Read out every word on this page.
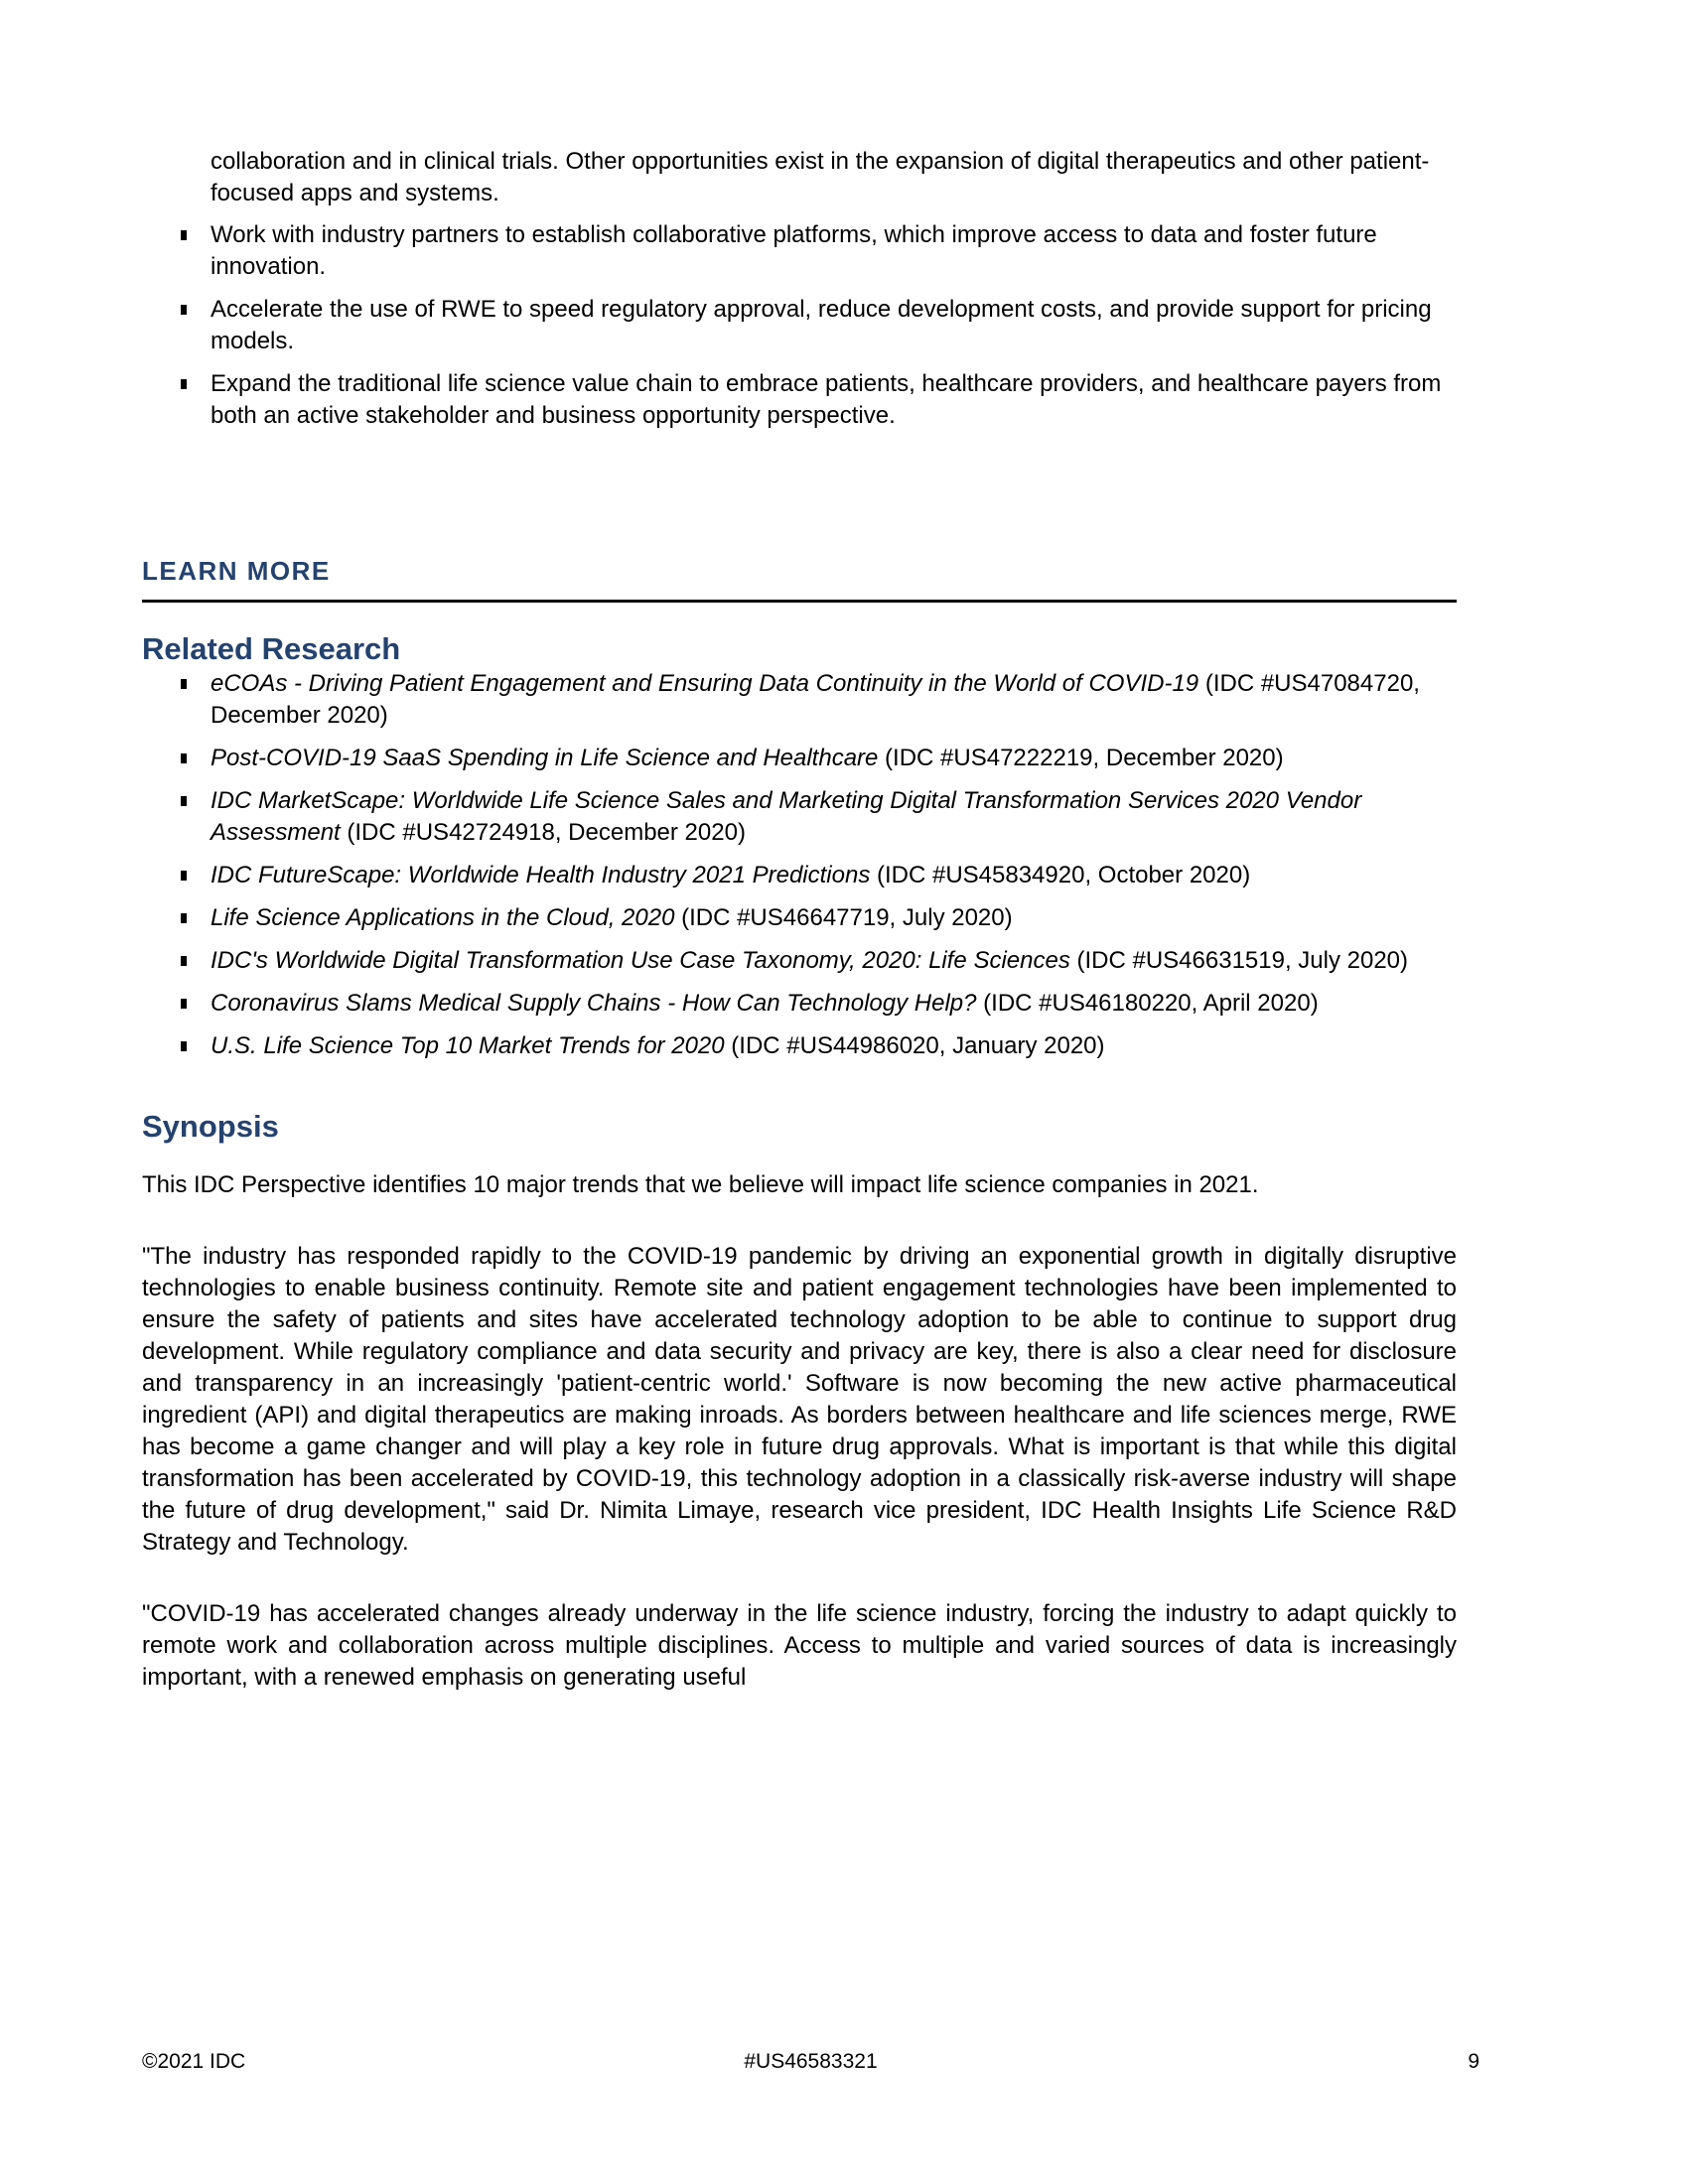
collaboration and in clinical trials. Other opportunities exist in the expansion of digital therapeutics and other patient-focused apps and systems.

Work with industry partners to establish collaborative platforms, which improve access to data and foster future innovation.
Accelerate the use of RWE to speed regulatory approval, reduce development costs, and provide support for pricing models.
Expand the traditional life science value chain to embrace patients, healthcare providers, and healthcare payers from both an active stakeholder and business opportunity perspective.
LEARN MORE
Related Research
eCOAs - Driving Patient Engagement and Ensuring Data Continuity in the World of COVID-19 (IDC #US47084720, December 2020)
Post-COVID-19 SaaS Spending in Life Science and Healthcare (IDC #US47222219, December 2020)
IDC MarketScape: Worldwide Life Science Sales and Marketing Digital Transformation Services 2020 Vendor Assessment (IDC #US42724918, December 2020)
IDC FutureScape: Worldwide Health Industry 2021 Predictions (IDC #US45834920, October 2020)
Life Science Applications in the Cloud, 2020 (IDC #US46647719, July 2020)
IDC's Worldwide Digital Transformation Use Case Taxonomy, 2020: Life Sciences (IDC #US46631519, July 2020)
Coronavirus Slams Medical Supply Chains - How Can Technology Help? (IDC #US46180220, April 2020)
U.S. Life Science Top 10 Market Trends for 2020 (IDC #US44986020, January 2020)
Synopsis

This IDC Perspective identifies 10 major trends that we believe will impact life science companies in 2021.

"The industry has responded rapidly to the COVID-19 pandemic by driving an exponential growth in digitally disruptive technologies to enable business continuity. Remote site and patient engagement technologies have been implemented to ensure the safety of patients and sites have accelerated technology adoption to be able to continue to support drug development. While regulatory compliance and data security and privacy are key, there is also a clear need for disclosure and transparency in an increasingly 'patient-centric world.' Software is now becoming the new active pharmaceutical ingredient (API) and digital therapeutics are making inroads. As borders between healthcare and life sciences merge, RWE has become a game changer and will play a key role in future drug approvals. What is important is that while this digital transformation has been accelerated by COVID-19, this technology adoption in a classically risk-averse industry will shape the future of drug development," said Dr. Nimita Limaye, research vice president, IDC Health Insights Life Science R&D Strategy and Technology.

"COVID-19 has accelerated changes already underway in the life science industry, forcing the industry to adapt quickly to remote work and collaboration across multiple disciplines. Access to multiple and varied sources of data is increasingly important, with a renewed emphasis on generating useful

©2021 IDC	#US46583321	9
